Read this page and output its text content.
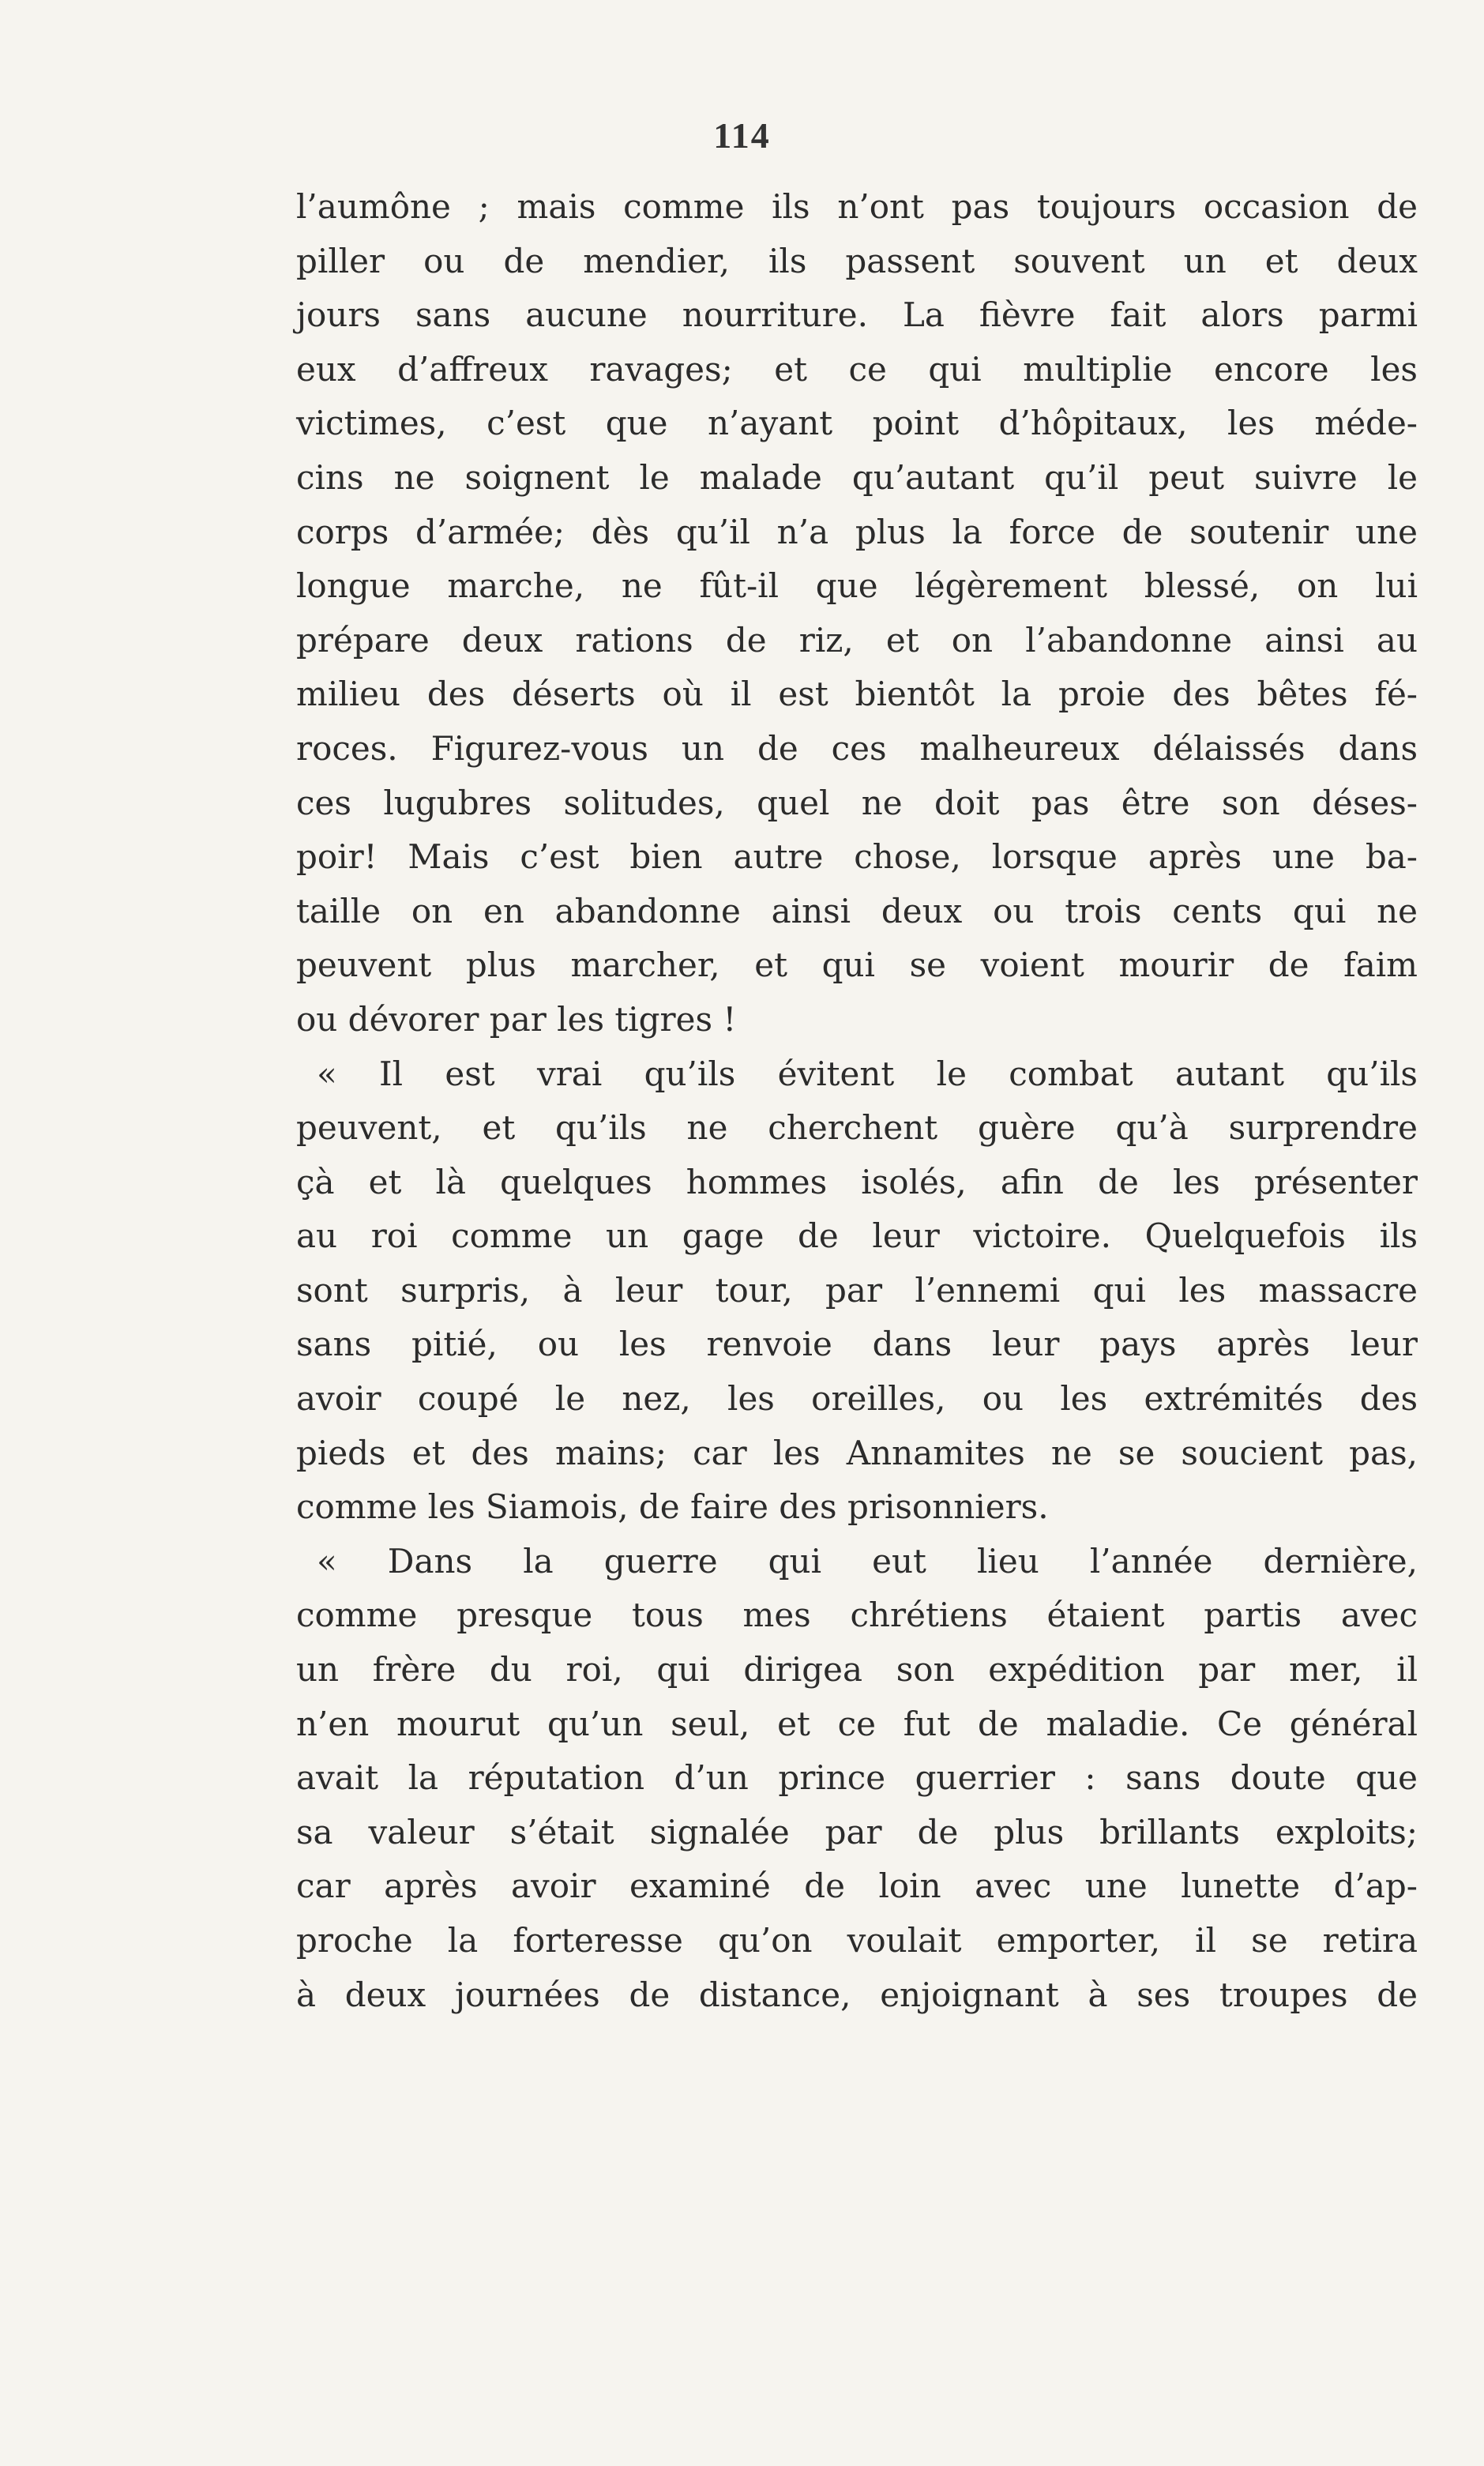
114
l’aumône ; mais comme ils n’ont pas toujours occasion de
piller ou de mendier, ils passent souvent un et deux
jours sans aucune nourriture. La fièvre fait alors parmi
eux d’affreux ravages; et ce qui multiplie encore les
victimes, c’est que n’ayant point d’hôpitaux, les méde-
cins ne soignent le malade qu’autant qu’il peut suivre le
corps d’armée; dès qu’il n’a plus la force de soutenir une
longue marche, ne fût-il que légèrement blessé, on lui
prépare deux rations de riz, et on l’abandonne ainsi au
milieu des déserts où il est bientôt la proie des bêtes fé-
roces. Figurez-vous un de ces malheureux délaissés dans
ces lugubres solitudes, quel ne doit pas être son déses-
poir! Mais c’est bien autre chose, lorsque après une ba-
taille on en abandonne ainsi deux ou trois cents qui ne
peuvent plus marcher, et qui se voient mourir de faim
ou dévorer par les tigres !
« Il est vrai qu’ils évitent le combat autant qu’ils
peuvent, et qu’ils ne cherchent guère qu’à surprendre
çà et là quelques hommes isolés, afin de les présenter
au roi comme un gage de leur victoire. Quelquefois ils
sont surpris, à leur tour, par l’ennemi qui les massacre
sans pitié, ou les renvoie dans leur pays après leur
avoir coupé le nez, les oreilles, ou les extrémités des
pieds et des mains; car les Annamites ne se soucient pas,
comme les Siamois, de faire des prisonniers.
« Dans la guerre qui eut lieu l’année dernière,
comme presque tous mes chrétiens étaient partis avec
un frère du roi, qui dirigea son expédition par mer, il
n’en mourut qu’un seul, et ce fut de maladie. Ce général
avait la réputation d’un prince guerrier : sans doute que
sa valeur s’était signalée par de plus brillants exploits;
car après avoir examiné de loin avec une lunette d’ap-
proche la forteresse qu’on voulait emporter, il se retira
à deux journées de distance, enjoignant à ses troupes de
